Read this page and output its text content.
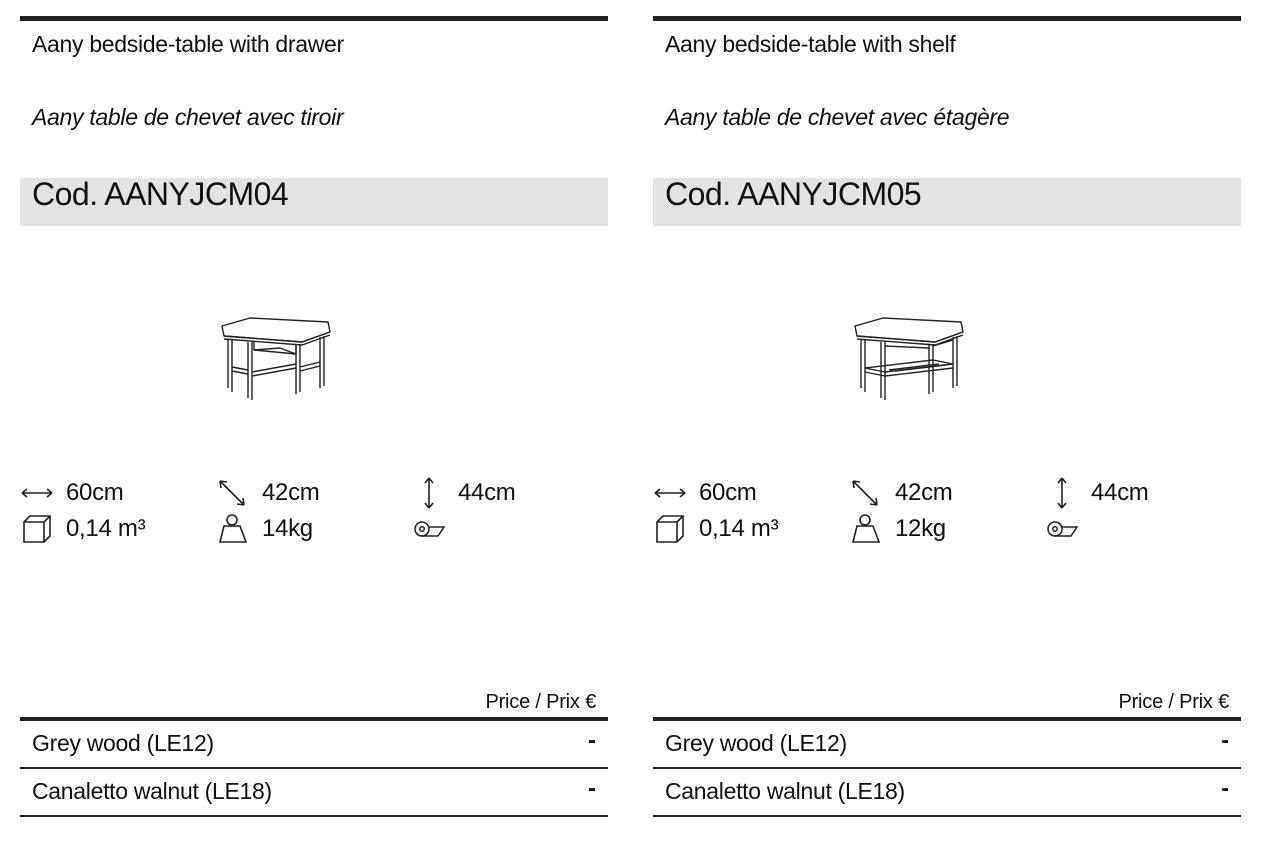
Aany bedside-table with drawer
Aany table de chevet avec tiroir
Cod. AANYJCM04
60cm	42cm	44cm
0,14 m³	14kg
Price / Prix €
Grey wood (LE12)	-
Canaletto walnut (LE18)	-
Aany bedside-table with shelf
Aany table de chevet avec étagère
Cod. AANYJCM05
60cm	42cm	44cm
0,14 m³	12kg
Price / Prix €
Grey wood (LE12)	-
Canaletto walnut (LE18)	-
